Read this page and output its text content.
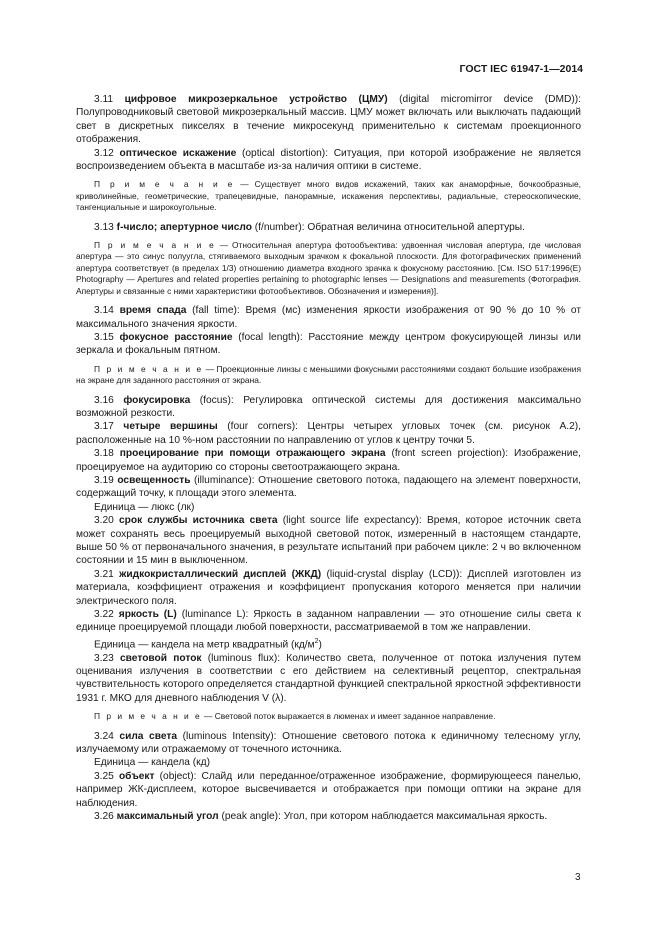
ГОСТ IEC 61947-1—2014

3.11 цифровое микрозеркальное устройство (ЦМУ) (digital micromirror device (DMD)): Полупроводниковый световой микрозеркальный массив. ЦМУ может включать или выключать падающий свет в дискретных пикселях в течение микросекунд применительно к системам проекционного отображения.

3.12 оптическое искажение (optical distortion): Ситуация, при которой изображение не является воспроизведением объекта в масштабе из-за наличия оптики в системе.

П р и м е ч а н и е — Существует много видов искажений, таких как анаморфные, бочкообразные, криволинейные, геометрические, трапецевидные, панорамные, искажения перспективы, радиальные, стереоскопические, тангенциальные и широкоугольные.

3.13 f-число; апертурное число (f/number): Обратная величина относительной апертуры.

П р и м е ч а н и е — Относительная апертура фотообъектива: удвоенная числовая апертура, где числовая апертура — это синус полуугла, стягиваемого выходным зрачком к фокальной плоскости. Для фотографических применений апертура соответствует (в пределах 1/3) отношению диаметра входного зрачка к фокусному расстоянию. [См. ISO 517:1996(E) Photography — Apertures and related properties pertaining to photographic lenses — Designations and measurements (Фотография. Апертуры и связанные с ними характеристики фотообъективов. Обозначения и измерения)].

3.14 время спада (fall time): Время (мс) изменения яркости изображения от 90 % до 10 % от максимального значения яркости.

3.15 фокусное расстояние (focal length): Расстояние между центром фокусирующей линзы или зеркала и фокальным пятном.

П р и м е ч а н и е — Проекционные линзы с меньшими фокусными расстояниями создают большие изображения на экране для заданного расстояния от экрана.

3.16 фокусировка (focus): Регулировка оптической системы для достижения максимально возможной резкости.

3.17 четыре вершины (four corners): Центры четырех угловых точек (см. рисунок А.2), расположенные на 10 %-ном расстоянии по направлению от углов к центру точки 5.

3.18 проецирование при помощи отражающего экрана (front screen projection): Изображение, проецируемое на аудиторию со стороны светоотражающего экрана.

3.19 освещенность (illuminance): Отношение светового потока, падающего на элемент поверхности, содержащий точку, к площади этого элемента.

Единица — люкс (лк)

3.20 срок службы источника света (light source life expectancy): Время, которое источник света может сохранять весь проецируемый выходной световой поток, измеренный в настоящем стандарте, выше 50 % от первоначального значения, в результате испытаний при рабочем цикле: 2 ч во включенном состоянии и 15 мин в выключенном.

3.21 жидкокристаллический дисплей (ЖКД) (liquid-crystal display (LCD)): Дисплей изготовлен из материала, коэффициент отражения и коэффициент пропускания которого меняется при наличии электрического поля.

3.22 яркость (L) (luminance L): Яркость в заданном направлении — это отношение силы света к единице проецируемой площади любой поверхности, рассматриваемой в том же направлении.

Единица — кандела на метр квадратный $(кд/м^2)$

3.23 световой поток (luminous flux): Количество света, полученное от потока излучения путем оценивания излучения в соответствии с его действием на селективный рецептор, спектральная чувствительность которого определяется стандартной функцией спектральной яркостной эффективности 1931 г. МКО для дневного наблюдения V (λ).

П р и м е ч а н и е — Световой поток выражается в люменах и имеет заданное направление.

3.24 сила света (luminous Intensity): Отношение светового потока к единичному телесному углу, излучаемому или отражаемому от точечного источника.

Единица — кандела (кд)

3.25 объект (object): Слайд или переданное/отраженное изображение, формирующееся панелью, например ЖК-дисплеем, которое высвечивается и отображается при помощи оптики на экране для наблюдения.

3.26 максимальный угол (peak angle): Угол, при котором наблюдается максимальная яркость.

3
